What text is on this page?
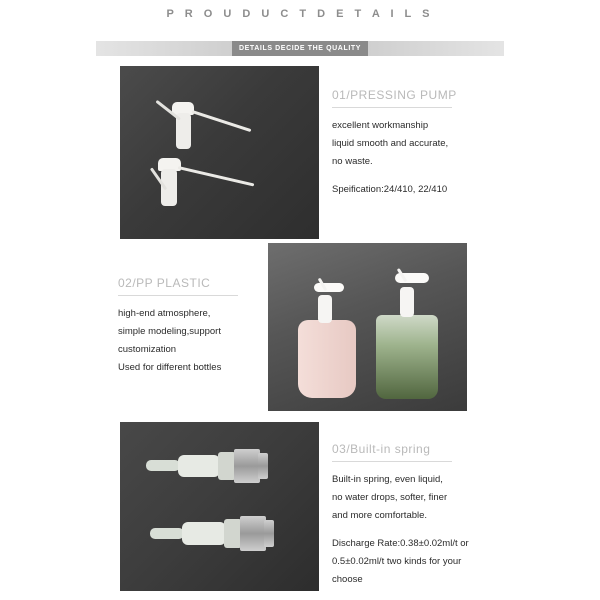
P R O U D U C T D E T A I L S
DETAILS DECIDE THE QUALITY
01/PRESSING PUMP
excellent workmanship
liquid smooth and accurate,
no waste.
Speification:24/410, 22/410
02/PP PLASTIC
high-end atmosphere,
simple modeling,support
customization
Used for different bottles
03/Built-in spring
Built-in spring, even liquid,
no water drops, softer, finer
and more comfortable.
Discharge Rate:0.38±0.02ml/t or
0.5±0.02ml/t two kinds for your
choose
